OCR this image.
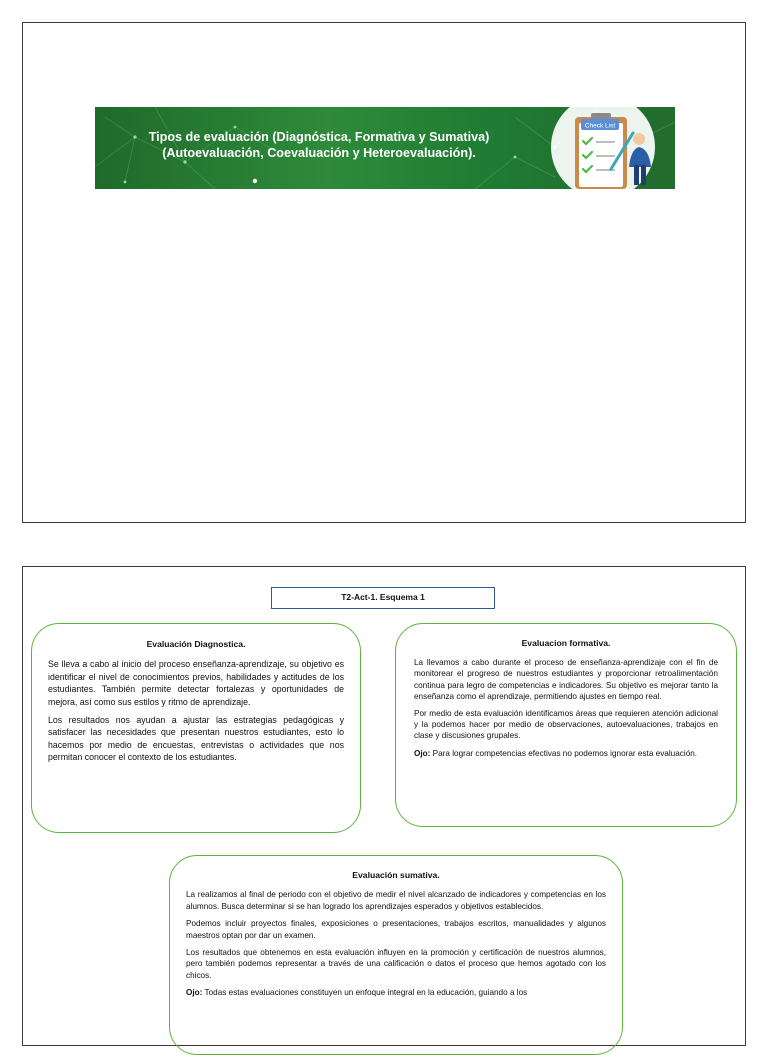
Tipos de evaluación (Diagnóstica, Formativa y Sumativa)
(Autoevaluación, Coevaluación y Heteroevaluación).
Check List
T2-Act-1. Esquema 1
Evaluación Diagnostica.

Se lleva a cabo al inicio del proceso enseñanza-aprendizaje, su objetivo es identificar el nivel de conocimientos previos, habilidades y actitudes de los estudiantes. También permite detectar fortalezas y oportunidades de mejora, así como sus estilos y ritmo de aprendizaje.

Los resultados nos ayudan a ajustar las estrategias pedagógicas y satisfacer las necesidades que presentan nuestros estudiantes, esto lo hacemos por medio de encuestas, entrevistas o actividades que nos permitan conocer el contexto de los estudiantes.

Evaluacion formativa.

La llevamos a cabo durante el proceso de enseñanza-aprendizaje con el fin de monitorear el progreso de nuestros estudiantes y proporcionar retroalimentación continua para legro de competencias e indicadores. Su objetivo es mejorar tanto la enseñanza como el aprendizaje, permitiendo ajustes en tiempo real.

Por medio de esta evaluación identificamos áreas que requieren atención adicional y la podemos hacer por medio de observaciones, autoevaluaciones, trabajos en clase y discusiones grupales.

Ojo: Para lograr competencias efectivas no podemos ignorar esta evaluación.

Evaluación sumativa.

La realizamos al final de periodo con el objetivo de medir el nivel alcanzado de indicadores y competencias en los alumnos. Busca determinar si se han logrado los aprendizajes esperados y objetivos establecidos.

Podemos incluir proyectos finales, exposiciones o presentaciones, trabajos escritos, manualidades y algunos maestros optan por dar un examen.

Los resultados que obtenemos en esta evaluación influyen en la promoción y certificación de nuestros alumnos, pero también podemos representar a través de una calificación o datos el proceso que hemos agotado con los chicos.

Ojo: Todas estas evaluaciones constituyen un enfoque integral en la educación, guiando a los
